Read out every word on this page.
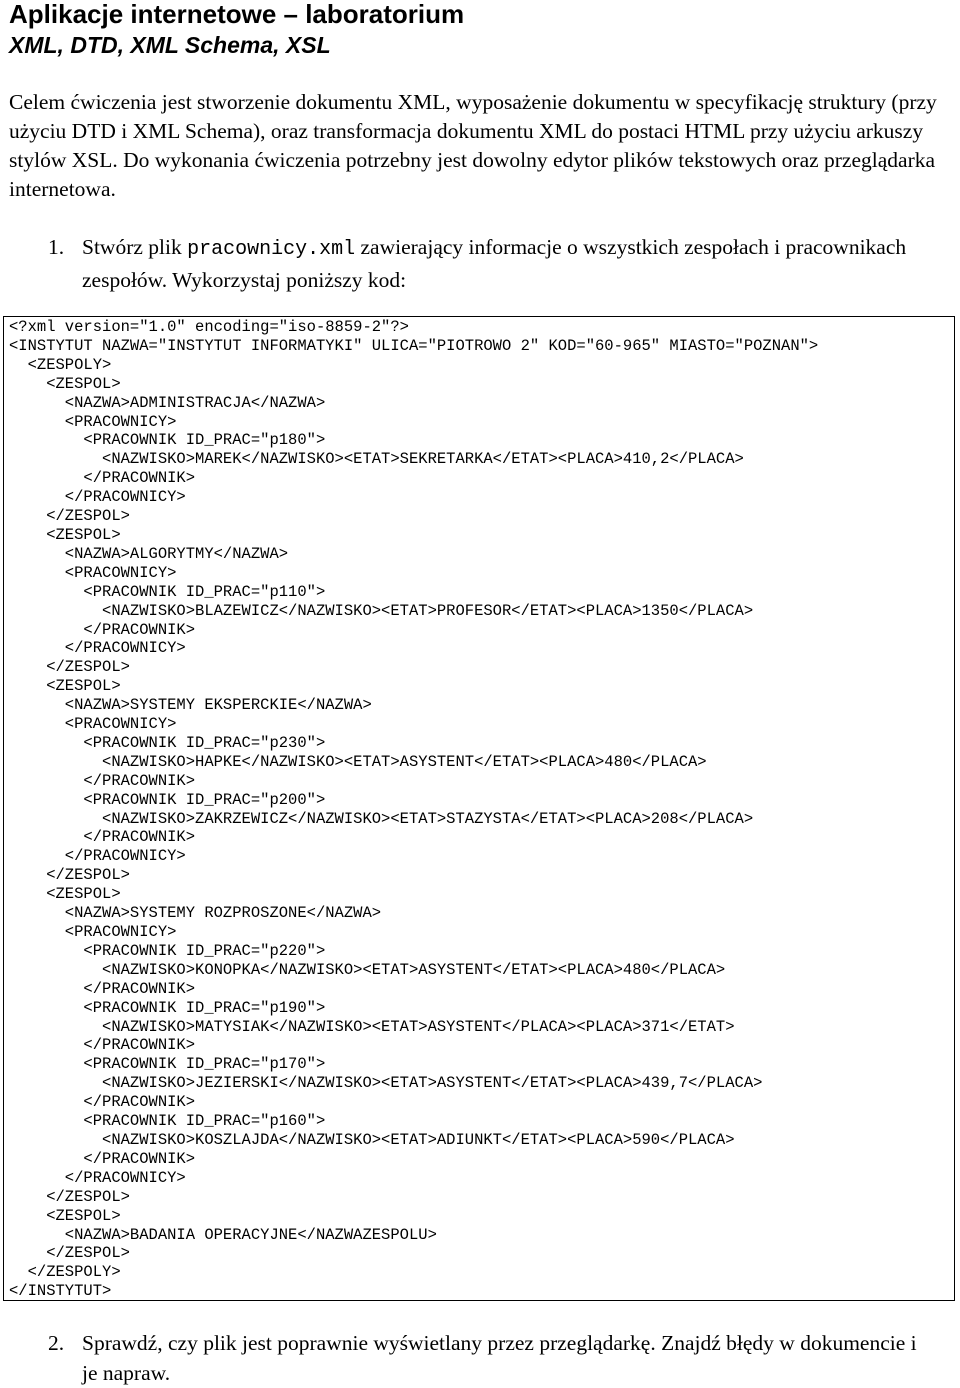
Aplikacje internetowe – laboratorium
XML, DTD, XML Schema, XSL

Celem ćwiczenia jest stworzenie dokumentu XML, wyposażenie dokumentu w specyfikację struktury (przy użyciu DTD i XML Schema), oraz transformacja dokumentu XML do postaci HTML przy użyciu arkuszy stylów XSL. Do wykonania ćwiczenia potrzebny jest dowolny edytor plików tekstowych oraz przeglądarka internetowa.

1. Stwórz plik pracownicy.xml zawierający informacje o wszystkich zespołach i pracownikach zespołów. Wykorzystaj poniższy kod:
<?xml version="1.0" encoding="iso-8859-2"?>
<INSTYTUT NAZWA="INSTYTUT INFORMATYKI" ULICA="PIOTROWO 2" KOD="60-965" MIASTO="POZNAN">
<ZESPOLY>
<ZESPOL>
<NAZWA>ADMINISTRACJA</NAZWA>
<PRACOWNICY>
<PRACOWNIK ID_PRAC="p180">
<NAZWISKO>MAREK</NAZWISKO><ETAT>SEKRETARKA</ETAT><PLACA>410,2</PLACA>
</PRACOWNIK>
</PRACOWNICY>
</ZESPOL>
<ZESPOL>
<NAZWA>ALGORYTMY</NAZWA>
<PRACOWNICY>
<PRACOWNIK ID_PRAC="p110">
<NAZWISKO>BLAZEWICZ</NAZWISKO><ETAT>PROFESOR</ETAT><PLACA>1350</PLACA>
</PRACOWNIK>
</PRACOWNICY>
</ZESPOL>
<ZESPOL>
<NAZWA>SYSTEMY EKSPERCKIE</NAZWA>
<PRACOWNICY>
<PRACOWNIK ID_PRAC="p230">
<NAZWISKO>HAPKE</NAZWISKO><ETAT>ASYSTENT</ETAT><PLACA>480</PLACA>
</PRACOWNIK>
<PRACOWNIK ID_PRAC="p200">
<NAZWISKO>ZAKRZEWICZ</NAZWISKO><ETAT>STAZYSTA</ETAT><PLACA>208</PLACA>
</PRACOWNIK>
</PRACOWNICY>
</ZESPOL>
<ZESPOL>
<NAZWA>SYSTEMY ROZPROSZONE</NAZWA>
<PRACOWNICY>
<PRACOWNIK ID_PRAC="p220">
<NAZWISKO>KONOPKA</NAZWISKO><ETAT>ASYSTENT</ETAT><PLACA>480</PLACA>
</PRACOWNIK>
<PRACOWNIK ID_PRAC="p190">
<NAZWISKO>MATYSIAK</NAZWISKO><ETAT>ASYSTENT</PLACA><PLACA>371</ETAT>
</PRACOWNIK>
<PRACOWNIK ID_PRAC="p170">
<NAZWISKO>JEZIERSKI</NAZWISKO><ETAT>ASYSTENT</ETAT><PLACA>439,7</PLACA>
</PRACOWNIK>
<PRACOWNIK ID_PRAC="p160">
<NAZWISKO>KOSZLAJDA</NAZWISKO><ETAT>ADIUNKT</ETAT><PLACA>590</PLACA>
</PRACOWNIK>
</PRACOWNICY>
</ZESPOL>
<ZESPOL>
<NAZWA>BADANIA OPERACYJNE</NAZWAZESPOLU>
</ZESPOL>
</ZESPOLY>
</INSTYTUT>
2. Sprawdź, czy plik jest poprawnie wyświetlany przez przeglądarkę. Znajdź błędy w dokumencie i je napraw.
